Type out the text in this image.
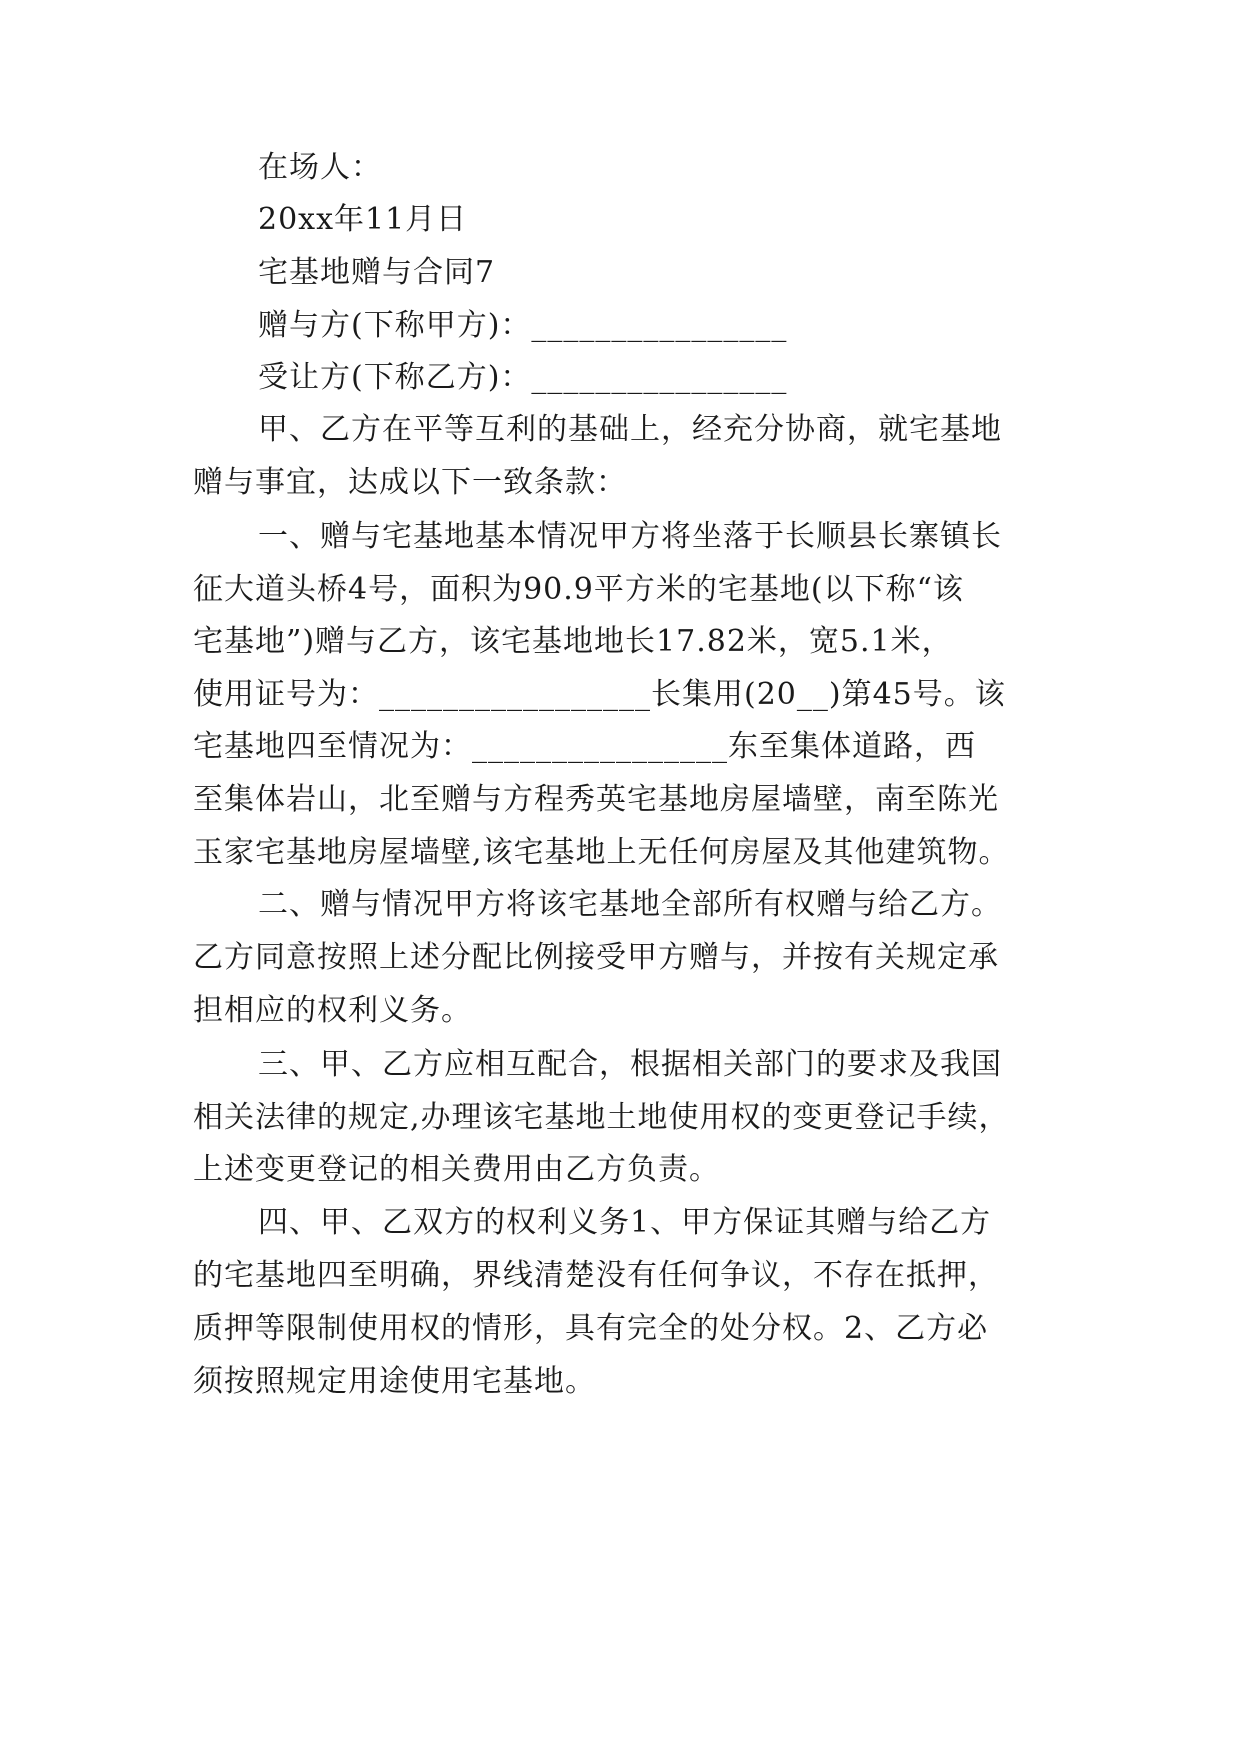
在场人：
20xx年11月日
宅基地赠与合同7
赠与方(下称甲方)：________________
受让方(下称乙方)：________________
甲、乙方在平等互利的基础上，经充分协商，就宅基地
赠与事宜，达成以下一致条款：
一、赠与宅基地基本情况甲方将坐落于长顺县长寨镇长
征大道头桥4号，面积为90.9平方米的宅基地(以下称“该
宅基地”)赠与乙方，该宅基地地长17.82米，宽5.1米，
使用证号为：_________________长集用(20__)第45号。该
宅基地四至情况为：________________东至集体道路，西
至集体岩山，北至赠与方程秀英宅基地房屋墙壁，南至陈光
玉家宅基地房屋墙壁,该宅基地上无任何房屋及其他建筑物。
二、赠与情况甲方将该宅基地全部所有权赠与给乙方。
乙方同意按照上述分配比例接受甲方赠与，并按有关规定承
担相应的权利义务。
三、甲、乙方应相互配合，根据相关部门的要求及我国
相关法律的规定,办理该宅基地土地使用权的变更登记手续，
上述变更登记的相关费用由乙方负责。
四、甲、乙双方的权利义务1、甲方保证其赠与给乙方
的宅基地四至明确，界线清楚没有任何争议，不存在抵押，
质押等限制使用权的情形，具有完全的处分权。2、乙方必
须按照规定用途使用宅基地。
